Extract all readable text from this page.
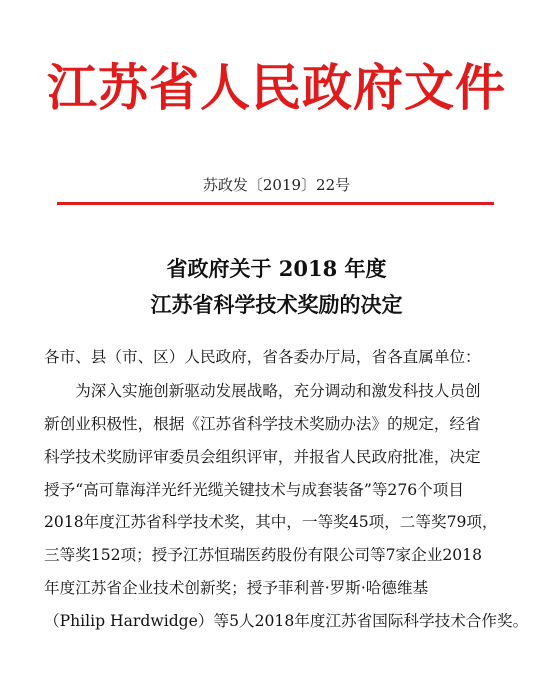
江苏省人民政府文件
苏政发〔2019〕22号
省政府关于 2018 年度
江苏省科学技术奖励的决定
各市、县（市、区）人民政府，省各委办厅局，省各直属单位：
　　为深入实施创新驱动发展战略，充分调动和激发科技人员创
新创业积极性，根据《江苏省科学技术奖励办法》的规定，经省
科学技术奖励评审委员会组织评审，并报省人民政府批准，决定
授予“高可靠海洋光纤光缆关键技术与成套装备”等276个项目
2018年度江苏省科学技术奖，其中，一等奖45项，二等奖79项，
三等奖152项；授予江苏恒瑞医药股份有限公司等7家企业2018
年度江苏省企业技术创新奖；授予菲利普·罗斯·哈德维基
（Philip Hardwidge）等5人2018年度江苏省国际科学技术合作奖。
